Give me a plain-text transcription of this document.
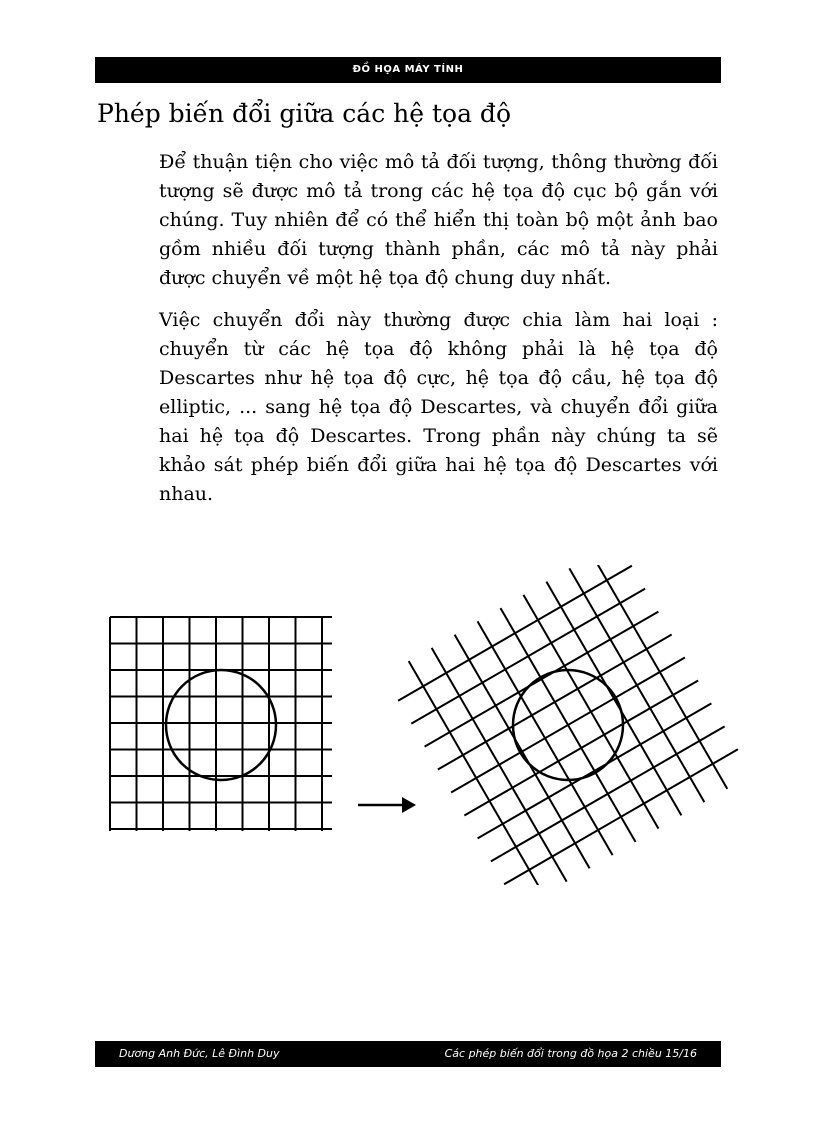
ĐỒ HỌA MÁY TÍNH
Phép biến đổi giữa các hệ tọa độ

Để thuận tiện cho việc mô tả đối tượng, thông thường đối tượng sẽ được mô tả trong các hệ tọa độ cục bộ gắn với chúng. Tuy nhiên để có thể hiển thị toàn bộ một ảnh bao gồm nhiều đối tượng thành phần, các mô tả này phải được chuyển về một hệ tọa độ chung duy nhất.

Việc chuyển đổi này thường được chia làm hai loại : chuyển từ các hệ tọa độ không phải là hệ tọa độ Descartes như hệ tọa độ cực, hệ tọa độ cầu, hệ tọa độ elliptic, ... sang hệ tọa độ Descartes, và chuyển đổi giữa hai hệ tọa độ Descartes. Trong phần này chúng ta sẽ khảo sát phép biến đổi giữa hai hệ tọa độ Descartes với nhau.

Dương Anh Đức, Lê Đình Duy	Các phép biến đổi trong đồ họa 2 chiều 15/16
